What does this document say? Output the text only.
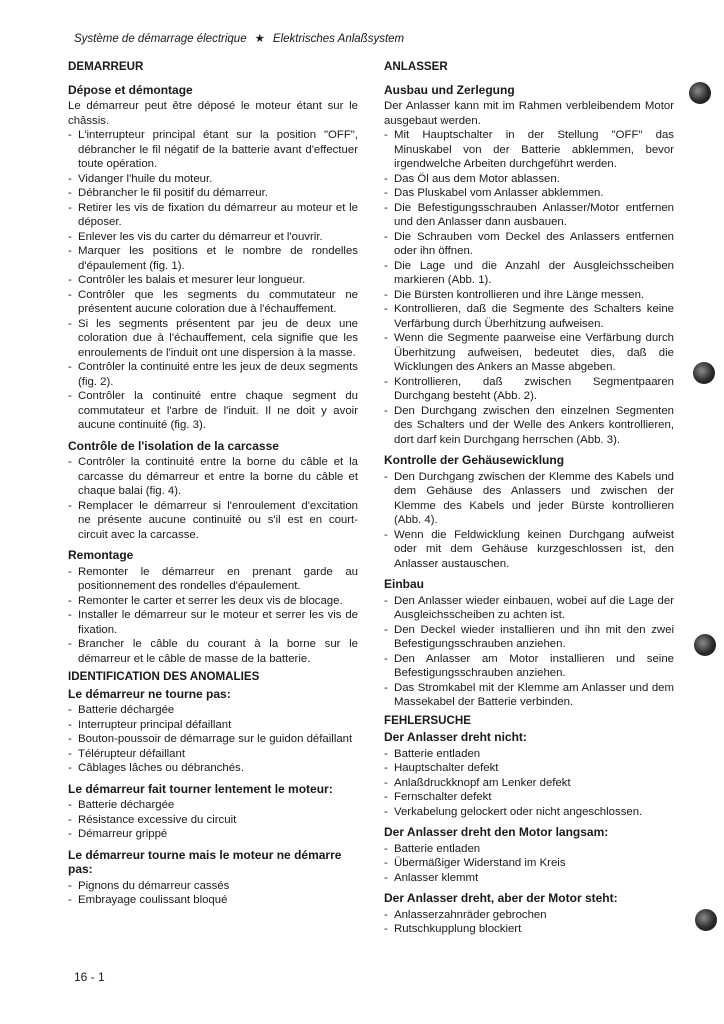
Système de démarrage électrique ★ Elektrisches Anlaßsystem
DEMARREUR
Dépose et démontage

Le démarreur peut être déposé le moteur étant sur le châssis.

- L'interrupteur principal étant sur la position "OFF", débrancher le fil négatif de la batterie avant d'effectuer toute opération.
- Vidanger l'huile du moteur.
- Débrancher le fil positif du démarreur.
- Retirer les vis de fixation du démarreur au moteur et le déposer.
- Enlever les vis du carter du démarreur et l'ouvrir.
- Marquer les positions et le nombre de rondelles d'épaulement (fig. 1).
- Contrôler les balais et mesurer leur longueur.
- Contrôler que les segments du commutateur ne présentent aucune coloration due à l'échauffement.
- Si les segments présentent par jeu de deux une coloration due à l'échauffement, cela signifie que les enroulements de l'induit ont une dispersion à la masse.
- Contrôler la continuité entre les jeux de deux segments (fig. 2).
- Contrôler la continuité entre chaque segment du commutateur et l'arbre de l'induit. Il ne doit y avoir aucune continuité (fig. 3).
Contrôle de l'isolation de la carcasse
- Contrôler la continuité entre la borne du câble et la carcasse du démarreur et entre la borne du câble et chaque balai (fig. 4).
- Remplacer le démarreur si l'enroulement d'excitation ne présente aucune continuité ou s'il est en court-circuit avec la carcasse.
Remontage
- Remonter le démarreur en prenant garde au positionnement des rondelles d'épaulement.
- Remonter le carter et serrer les deux vis de blocage.
- Installer le démarreur sur le moteur et serrer les vis de fixation.
- Brancher le câble du courant à la borne sur le démarreur et le câble de masse de la batterie.
IDENTIFICATION DES ANOMALIES
Le démarreur ne tourne pas:
- Batterie déchargée
- Interrupteur principal défaillant
- Bouton-poussoir de démarrage sur le guidon défaillant
- Télérupteur défaillant
- Câblages lâches ou débranchés.
Le démarreur fait tourner lentement le moteur:
- Batterie déchargée
- Résistance excessive du circuit
- Démarreur grippé
Le démarreur tourne mais le moteur ne démarre pas:
- Pignons du démarreur cassés
- Embrayage coulissant bloqué
ANLASSER
Ausbau und Zerlegung

Der Anlasser kann mit im Rahmen verbleibendem Motor ausgebaut werden.

- Mit Hauptschalter in der Stellung "OFF" das Minuskabel von der Batterie abklemmen, bevor irgendwelche Arbeiten durchgeführt werden.
- Das Öl aus dem Motor ablassen.
- Das Pluskabel vom Anlasser abklemmen.
- Die Befestigungsschrauben Anlasser/Motor entfernen und den Anlasser dann ausbauen.
- Die Schrauben vom Deckel des Anlassers entfernen oder ihn öffnen.
- Die Lage und die Anzahl der Ausgleichsscheiben markieren (Abb. 1).
- Die Bürsten kontrollieren und ihre Länge messen.
- Kontrollieren, daß die Segmente des Schalters keine Verfärbung durch Überhitzung aufweisen.
- Wenn die Segmente paarweise eine Verfärbung durch Überhitzung aufweisen, bedeutet dies, daß die Wicklungen des Ankers an Masse abgeben.
- Kontrollieren, daß zwischen Segmentpaaren Durchgang besteht (Abb. 2).
- Den Durchgang zwischen den einzelnen Segmenten des Schalters und der Welle des Ankers kontrollieren, dort darf kein Durchgang herrschen (Abb. 3).
Kontrolle der Gehäusewicklung
- Den Durchgang zwischen der Klemme des Kabels und dem Gehäuse des Anlassers und zwischen der Klemme des Kabels und jeder Bürste kontrollieren (Abb. 4).
- Wenn die Feldwicklung keinen Durchgang aufweist oder mit dem Gehäuse kurzgeschlossen ist, den Anlasser austauschen.
Einbau
- Den Anlasser wieder einbauen, wobei auf die Lage der Ausgleichsscheiben zu achten ist.
- Den Deckel wieder installieren und ihn mit den zwei Befestigungsschrauben anziehen.
- Den Anlasser am Motor installieren und seine Befestigungsschrauben anziehen.
- Das Stromkabel mit der Klemme am Anlasser und dem Massekabel der Batterie verbinden.
FEHLERSUCHE
Der Anlasser dreht nicht:
- Batterie entladen
- Hauptschalter defekt
- Anlaßdruckknopf am Lenker defekt
- Fernschalter defekt
- Verkabelung gelockert oder nicht angeschlossen.
Der Anlasser dreht den Motor langsam:
- Batterie entladen
- Übermäßiger Widerstand im Kreis
- Anlasser klemmt
Der Anlasser dreht, aber der Motor steht:
- Anlasserzahnräder gebrochen
- Rutschkupplung blockiert
16 - 1
